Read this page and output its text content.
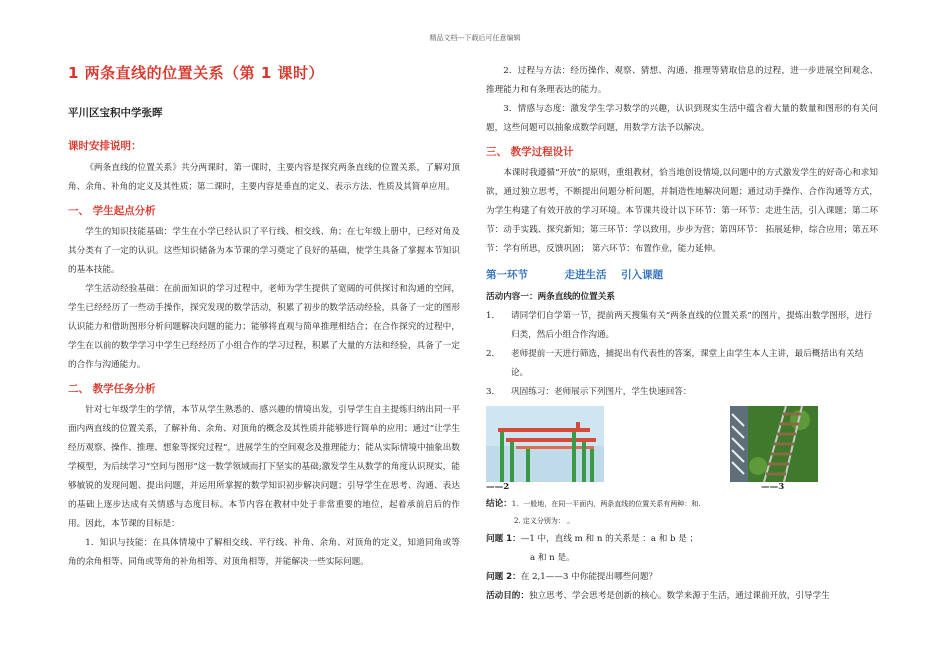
精品文档---下载后可任意编辑
1 两条直线的位置关系（第 1 课时）
平川区宝积中学张晖
课时安排说明：

《两条直线的位置关系》共分两课时，第一课时，主要内容是探究两条直线的位置关系，了解对顶角、余角、补角的定义及其性质；第二课时，主要内容是垂直的定义、表示方法、性质及其简单应用。

一、 学生起点分析

学生的知识技能基础：学生在小学已经认识了平行线、相交线、角；在七年级上册中，已经对角及其分类有了一定的认识。这些知识储备为本节课的学习奠定了良好的基础，使学生具备了掌握本节知识的基本技能。

学生活动经验基础：在前面知识的学习过程中，老师为学生提供了宽阔的可供探讨和沟通的空间，学生已经经历了一些动手操作，探究发现的数学活动，积累了初步的数学活动经验，具备了一定的图形认识能力和借助图形分析问题解决问题的能力；能够将直观与简单推理相结合；在合作探究的过程中，学生在以前的数学学习中学生已经经历了小组合作的学习过程，积累了大量的方法和经验，具备了一定的合作与沟通能力。

二、 教学任务分析

针对七年级学生的学情，本节从学生熟悉的、感兴趣的情境出发，引导学生自主提炼归纳出同一平面内两直线的位置关系，了解补角、余角、对顶角的概念及其性质并能够进行简单的应用；通过“让学生经历观察、操作、推理、想象等探究过程”，进展学生的空间观念及推理能力；能从实际情境中抽象出数学模型，为后续学习“空间与图形”这一数学领域而打下坚实的基础;激发学生从数学的角度认识现实，能够敏锐的发现问题、提出问题，并运用所掌握的数学知识初步解决问题；引导学生在思考、沟通、表达的基础上逐步达成有关情感与态度目标。本节内容在教材中处于非常重要的地位，起着承前启后的作用。因此，本节课的目标是：

1．知识与技能：在具体情境中了解相交线、平行线、补角、余角、对顶角的定义，知道同角或等角的余角相等、同角或等角的补角相等、对顶角相等，并能解决一些实际问题。

2．过程与方法：经历操作、观察、猜想、沟通、推理等猜取信息的过程，进一步进展空间观念、推理能力和有条理表达的能力。

3．情感与态度：激发学生学习数学的兴趣，认识到现实生活中蕴含着大量的数量和图形的有关问题，这些问题可以抽象成数学问题，用数学方法予以解决。

三、 教学过程设计

本课时我遵循“开放”的原则，重组教材，恰当地创设情境,以问题中的方式激发学生的好奇心和求知欲，通过独立思考，不断提出问题分析问题，并制造性地解决问题；通过动手操作、合作沟通等方式，为学生构建了有效开放的学习环境。本节课共设计以下环节：第一环节：走进生活，引入课题；第二环节：动手实践、探究新知；第三环节：学以致用，步步为营；第四环节： 拓展延伸，综合应用；第五环节：学有所思，反馈巩固； 第六环节：布置作业，能力延伸。

第一环节          走进生活    引入课题
活动内容一：两条直线的位置关系
1．	请同学们自学第一节，提前两天搜集有关“两条直线的位置关系”的图片，提炼出数学图形，进行归类，然后小组合作沟通。
2．	老师提前一天进行筛选，捕捉出有代表性的答案，课堂上由学生本人主讲，最后概括出有关结论。
3．	巩固练习：老师展示下列图片，学生快速回答：
——2	——3
结论：1．一般地，在同一平面内，两条直线的位置关系有两种：和.
2. 定义分别为： 。
问题 1：—1 中，直线 m 和 n 的关系是 ：a 和 b 是 ；
a 和 n 是。
问题 2：在 2,1——3 中你能提出哪些问题？
活动目的：独立思考、学会思考是创新的核心。数学来源于生活，通过课前开放，引导学生
